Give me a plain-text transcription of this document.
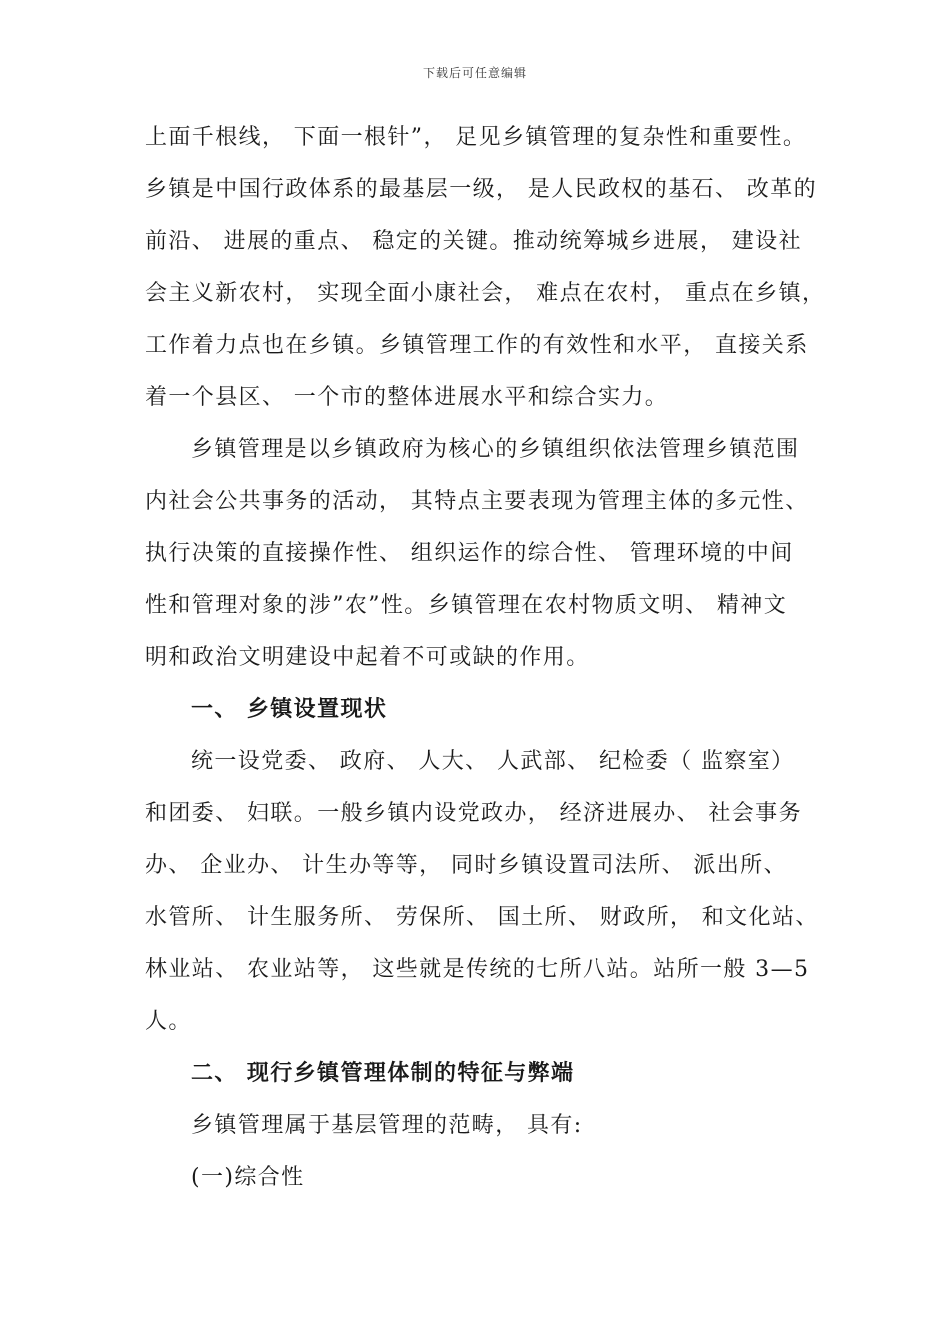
下载后可任意编辑
上面千根线， 下面一根针”， 足见乡镇管理的复杂性和重要性。
乡镇是中国行政体系的最基层一级， 是人民政权的基石、 改革的
前沿、 进展的重点、 稳定的关键。推动统筹城乡进展， 建设社
会主义新农村， 实现全面小康社会， 难点在农村， 重点在乡镇，
工作着力点也在乡镇。乡镇管理工作的有效性和水平， 直接关系
着一个县区、 一个市的整体进展水平和综合实力。
乡镇管理是以乡镇政府为核心的乡镇组织依法管理乡镇范围
内社会公共事务的活动， 其特点主要表现为管理主体的多元性、
执行决策的直接操作性、 组织运作的综合性、 管理环境的中间
性和管理对象的涉”农”性。乡镇管理在农村物质文明、 精神文
明和政治文明建设中起着不可或缺的作用。
一、 乡镇设置现状
统一设党委、 政府、 人大、 人武部、 纪检委（ 监察室）
和团委、 妇联。一般乡镇内设党政办， 经济进展办、 社会事务
办、 企业办、 计生办等等， 同时乡镇设置司法所、 派出所、
水管所、 计生服务所、 劳保所、 国土所、 财政所， 和文化站、
林业站、 农业站等， 这些就是传统的七所八站。站所一般 3—5
人。
二、 现行乡镇管理体制的特征与弊端
乡镇管理属于基层管理的范畴， 具有:
(一)综合性
